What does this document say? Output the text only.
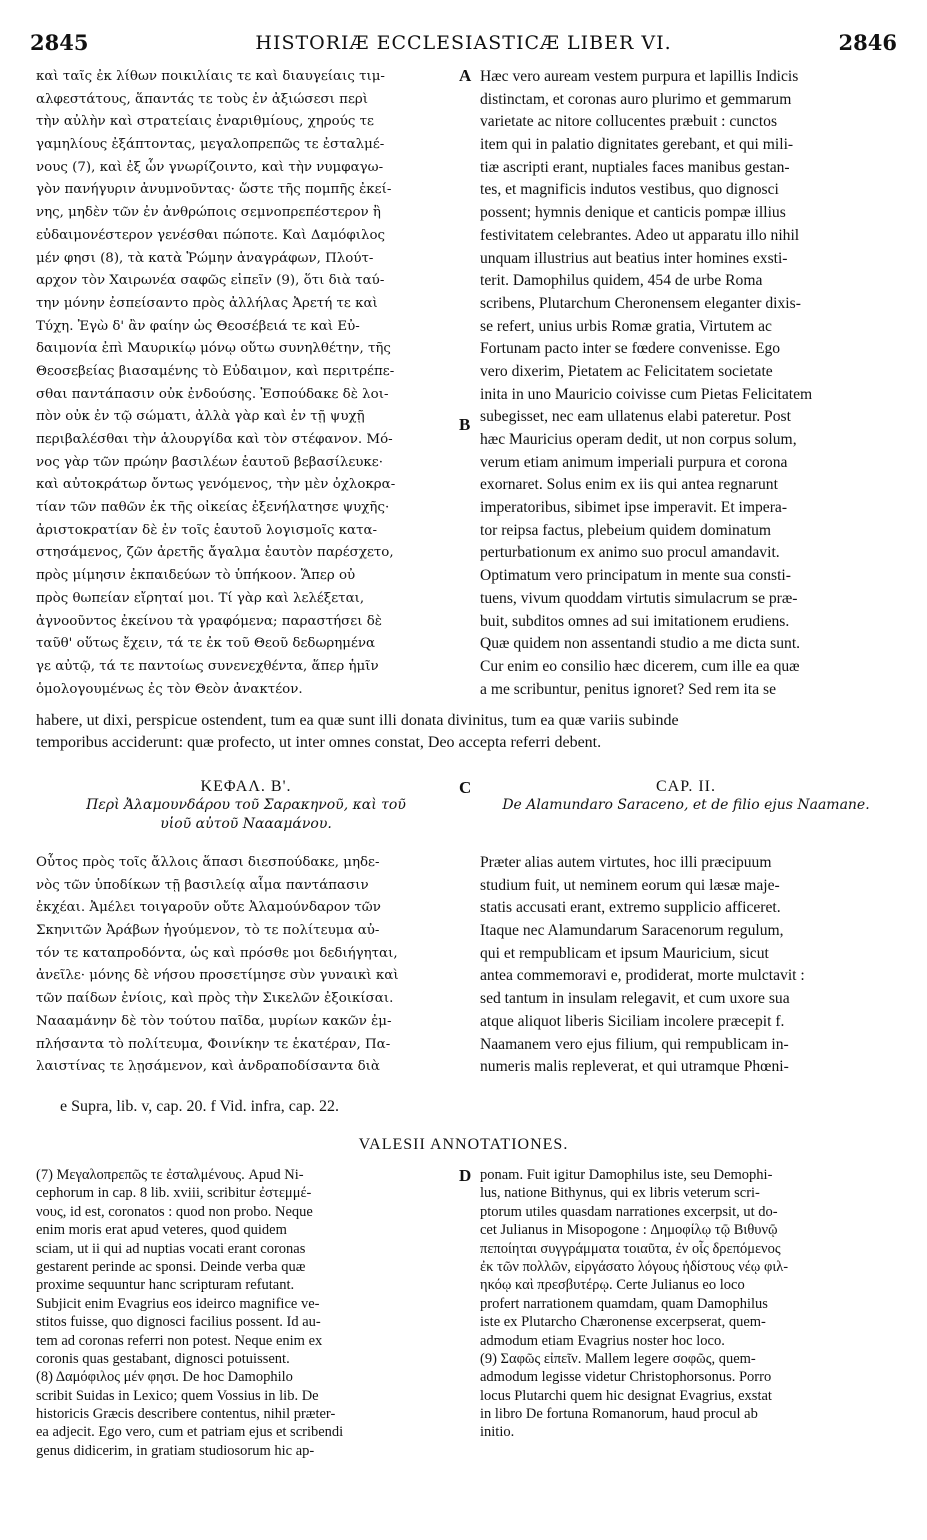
2845	HISTORIÆ ECCLESIASTICÆ LIBER VI.	2846
A
B
C
D
καὶ ταῖς ἐκ λίθων ποικιλίαις τε καὶ διαυγείαις τιμ-
αλφεστάτους, ἅπαντάς τε τοὺς ἐν ἀξιώσεσι περὶ
τὴν αὐλὴν καὶ στρατείαις ἐναριθμίους, χηρούς τε
γαμηλίους ἐξάπτοντας, μεγαλοπρεπῶς τε ἐσταλμέ-
νους (7), καὶ ἐξ ὧν γνωρίζοιντο, καὶ τὴν νυμφαγω-
γὸν πανήγυριν ἀνυμνοῦντας· ὥστε τῆς πομπῆς ἐκεί-
νης, μηδὲν τῶν ἐν ἀνθρώποις σεμνοπρεπέστερον ἢ
εὐδαιμονέστερον γενέσθαι πώποτε. Καὶ Δαμόφιλος
μέν φησι (8), τὰ κατὰ Ῥώμην ἀναγράφων, Πλούτ-
αρχον τὸν Χαιρωνέα σαφῶς εἰπεῖν (9), ὅτι διὰ ταύ-
την μόνην ἐσπείσαντο πρὸς ἀλλήλας Ἀρετή τε καὶ
Τύχη. Ἐγὼ δ' ἂν φαίην ὡς Θεοσέβειά τε καὶ Εὐ-
δαιμονία ἐπὶ Μαυρικίῳ μόνῳ οὕτω συνηλθέτην, τῆς
Θεοσεβείας βιασαμένης τὸ Εὐδαιμον, καὶ περιτρέπε-
σθαι παντάπασιν οὐκ ἐνδούσης. Ἐσπούδακε δὲ λοι-
πὸν οὐκ ἐν τῷ σώματι, ἀλλὰ γὰρ καὶ ἐν τῇ ψυχῇ
περιβαλέσθαι τὴν ἁλουργίδα καὶ τὸν στέφανον. Μό-
νος γὰρ τῶν πρώην βασιλέων ἑαυτοῦ βεβασίλευκε·
καὶ αὐτοκράτωρ ὄντως γενόμενος, τὴν μὲν ὀχλοκρα-
τίαν τῶν παθῶν ἐκ τῆς οἰκείας ἐξενήλατησε ψυχῆς·
ἀριστοκρατίαν δὲ ἐν τοῖς ἑαυτοῦ λογισμοῖς κατα-
στησάμενος, ζῶν ἀρετῆς ἄγαλμα ἑαυτὸν παρέσχετο,
πρὸς μίμησιν ἐκπαιδεύων τὸ ὑπήκοον. Ἅπερ οὐ
πρὸς θωπείαν εἴρηταί μοι. Τί γὰρ καὶ λελέξεται,
ἀγνοοῦντος ἐκείνου τὰ γραφόμενα; παραστήσει δὲ
ταῦθ' οὕτως ἔχειν, τά τε ἐκ τοῦ Θεοῦ δεδωρημένα
γε αὐτῷ, τά τε παντοίως συνενεχθέντα, ἅπερ ἡμῖν
ὁμολογουμένως ἐς τὸν Θεὸν ἀνακτέον.
Hæc vero auream vestem purpura et lapillis Indicis
distinctam, et coronas auro plurimo et gemmarum
varietate ac nitore collucentes præbuit : cunctos
item qui in palatio dignitates gerebant, et qui mili-
tiæ ascripti erant, nuptiales faces manibus gestan-
tes, et magnificis indutos vestibus, quo dignosci
possent; hymnis denique et canticis pompæ illius
festivitatem celebrantes. Adeo ut apparatu illo nihil
unquam illustrius aut beatius inter homines exsti-
terit. Damophilus quidem, 454 de urbe Roma
scribens, Plutarchum Cheronensem eleganter dixis-
se refert, unius urbis Romæ gratia, Virtutem ac
Fortunam pacto inter se fœdere convenisse. Ego
vero dixerim, Pietatem ac Felicitatem societate
inita in uno Mauricio coivisse cum Pietas Felicitatem
subegisset, nec eam ullatenus elabi pateretur. Post
hæc Mauricius operam dedit, ut non corpus solum,
verum etiam animum imperiali purpura et corona
exornaret. Solus enim ex iis qui antea regnarunt
imperatoribus, sibimet ipse imperavit. Et impera-
tor reipsa factus, plebeium quidem dominatum
perturbationum ex animo suo procul amandavit.
Optimatum vero principatum in mente sua consti-
tuens, vivum quoddam virtutis simulacrum se præ-
buit, subditos omnes ad sui imitationem erudiens.
Quæ quidem non assentandi studio a me dicta sunt.
Cur enim eo consilio hæc dicerem, cum ille ea quæ
a me scribuntur, penitus ignoret? Sed rem ita se
habere, ut dixi, perspicue ostendent, tum ea quæ sunt illi donata divinitus, tum ea quæ variis subinde
temporibus acciderunt: quæ profecto, ut inter omnes constat, Deo accepta referri debent.
ΚΕΦΑΛ. Β'.
Περὶ Ἀλαμουνδάρου τοῦ Σαρακηνοῦ, καὶ τοῦ
υἱοῦ αὐτοῦ Ναααμάνου.
CAP. II.
De Alamundaro Saraceno, et de filio ejus Naamane.
Οὗτος πρὸς τοῖς ἄλλοις ἅπασι διεσπούδακε, μηδε-
νὸς τῶν ὑποδίκων τῇ βασιλείᾳ αἷμα παντάπασιν
ἐκχέαι. Ἀμέλει τοιγαροῦν οὔτε Ἀλαμούνδαρον τῶν
Σκηνιτῶν Ἀράβων ἡγούμενον, τὸ τε πολίτευμα αὐ-
τόν τε καταπροδόντα, ὡς καὶ πρόσθε μοι δεδιήγηται,
ἀνεῖλε· μόνης δὲ νήσου προσετίμησε σὺν γυναικὶ καὶ
τῶν παίδων ἐνίοις, καὶ πρὸς τὴν Σικελῶν ἐξοικίσαι.
Ναααμάνην δὲ τὸν τούτου παῖδα, μυρίων κακῶν ἐμ-
πλήσαντα τὸ πολίτευμα, Φοινίκην τε ἑκατέραν, Πα-
λαιστίνας τε λῃσάμενον, καὶ ἀνδραποδίσαντα διὰ
Præter alias autem virtutes, hoc illi præcipuum
studium fuit, ut neminem eorum qui læsæ maje-
statis accusati erant, extremo supplicio afficeret.
Itaque nec Alamundarum Saracenorum regulum,
qui et rempublicam et ipsum Mauricium, sicut
antea commemoravi e, prodiderat, morte mulctavit :
sed tantum in insulam relegavit, et cum uxore sua
atque aliquot liberis Siciliam incolere præcepit f.
Naamanem vero ejus filium, qui rempublicam in-
numeris malis repleverat, et qui utramque Phœni-
e Supra, lib. v, cap. 20. f Vid. infra, cap. 22.
VALESII ANNOTATIONES.
(7) Μεγαλοπρεπῶς τε ἐσταλμένους. Apud Ni-
cephorum in cap. 8 lib. xviii, scribitur ἐστεμμέ-
νους, id est, coronatos : quod non probo. Neque
enim moris erat apud veteres, quod quidem
sciam, ut ii qui ad nuptias vocati erant coronas
gestarent perinde ac sponsi. Deinde verba quæ
proxime sequuntur hanc scripturam refutant.
Subjicit enim Evagrius eos ideirco magnifice ve-
stitos fuisse, quo dignosci facilius possent. Id au-
tem ad coronas referri non potest. Neque enim ex
coronis quas gestabant, dignosci potuissent.
(8) Δαμόφιλος μέν φησι. De hoc Damophilo
scribit Suidas in Lexico; quem Vossius in lib. De
historicis Græcis describere contentus, nihil præter-
ea adjecit. Ego vero, cum et patriam ejus et scribendi
genus didicerim, in gratiam studiosorum hic ap-
ponam. Fuit igitur Damophilus iste, seu Demophi-
lus, natione Bithynus, qui ex libris veterum scri-
ptorum utiles quasdam narrationes excerpsit, ut do-
cet Julianus in Misopogone : Δημοφίλῳ τῷ Βιθυνῷ
πεποίηται συγγράμματα τοιαῦτα, ἐν οἷς δρεπόμενος
ἐκ τῶν πολλῶν, εἰργάσατο λόγους ἡδίστους νέῳ φιλ-
ηκόῳ καὶ πρεσβυτέρῳ. Certe Julianus eo loco
profert narrationem quamdam, quam Damophilus
iste ex Plutarcho Chæronense excerpserat, quem-
admodum etiam Evagrius noster hoc loco.
(9) Σαφῶς εἰπεῖν. Mallem legere σοφῶς, quem-
admodum legisse videtur Christophorsonus. Porro
locus Plutarchi quem hic designat Evagrius, exstat
in libro De fortuna Romanorum, haud procul ab
initio.
